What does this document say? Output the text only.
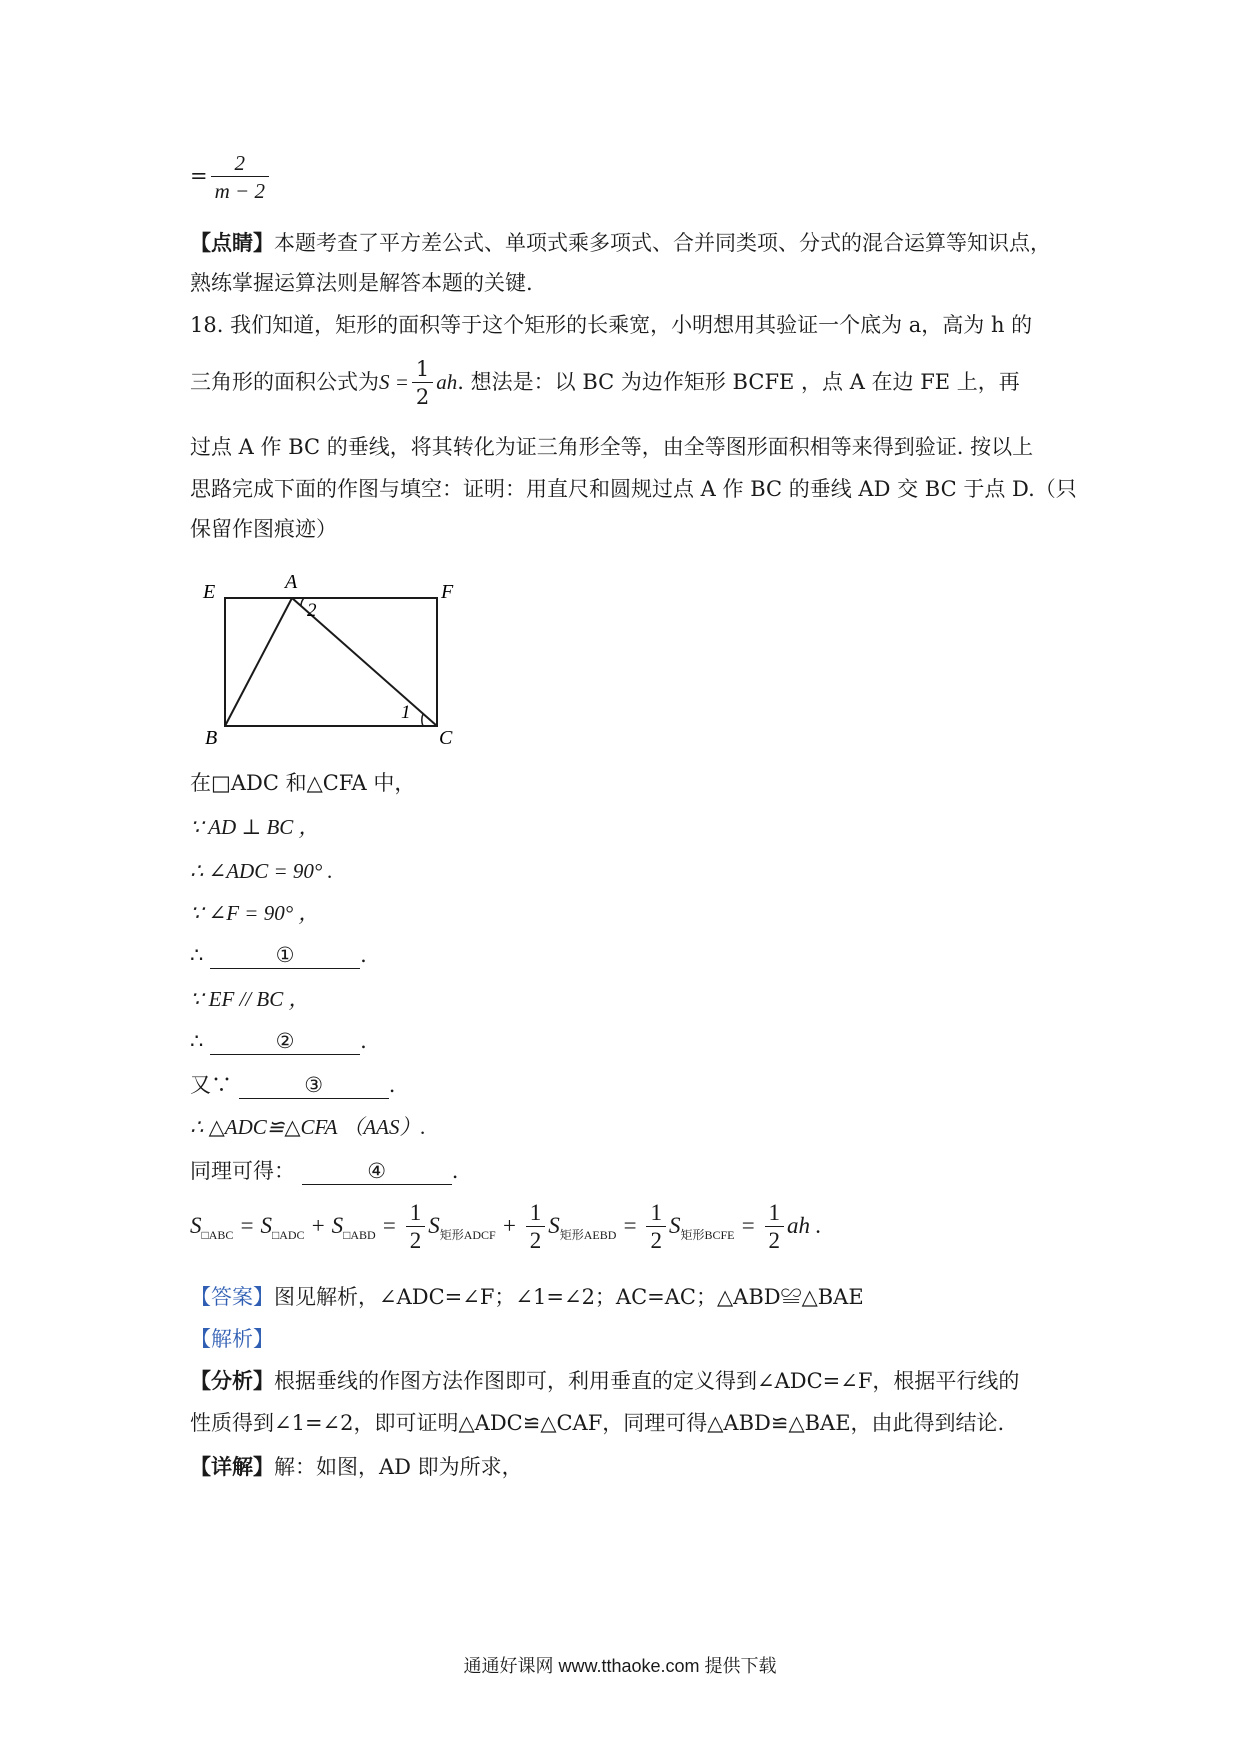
= $\frac{2}{m - 2}$
【点睛】本题考查了平方差公式、单项式乘多项式、合并同类项、分式的混合运算等知识点，
熟练掌握运算法则是解答本题的关键.
18. 我们知道，矩形的面积等于这个矩形的长乘宽，小明想用其验证一个底为 a，高为 h 的
三角形的面积公式为$S = \frac{1}{2}$ ah. 想法是：以 BC 为边作矩形 BCFE ，点 A 在边 FE 上，再
过点 A 作 BC 的垂线，将其转化为证三角形全等，由全等图形面积相等来得到验证. 按以上
思路完成下面的作图与填空：证明：用直尺和圆规过点 A 作 BC 的垂线 AD 交 BC 于点 D.（只
保留作图痕迹）
E	A	F
B	C
2
1
在□ADC 和△CFA 中，
∵ AD ⊥ BC ，
∴ ∠ADC = 90° .
∵ ∠F = 90° ，
∴	①	.
∵ EF // BC ，
∴	②	.
又∵	③	.
∴ △ADC≌△CFA （AAS）.
同理可得：	④	.
$S_{□ABC} = S_{□ADC} + S_{□ABD} = \frac{1}{2} S_{矩形ADCF} + \frac{1}{2} S_{矩形AEBD} = \frac{1}{2} S_{矩形BCFE} = \frac{1}{2}$ ah .
【答案】图见解析，∠ADC=∠F；∠1=∠2；AC=AC；△ABD≌△BAE
【解析】
【分析】根据垂线的作图方法作图即可，利用垂直的定义得到∠ADC=∠F，根据平行线的
性质得到∠1=∠2，即可证明△ADC≌△CAF，同理可得△ABD≌△BAE，由此得到结论.
【详解】解：如图，AD 即为所求，
通通好课网 www.tthaoke.com 提供下载
